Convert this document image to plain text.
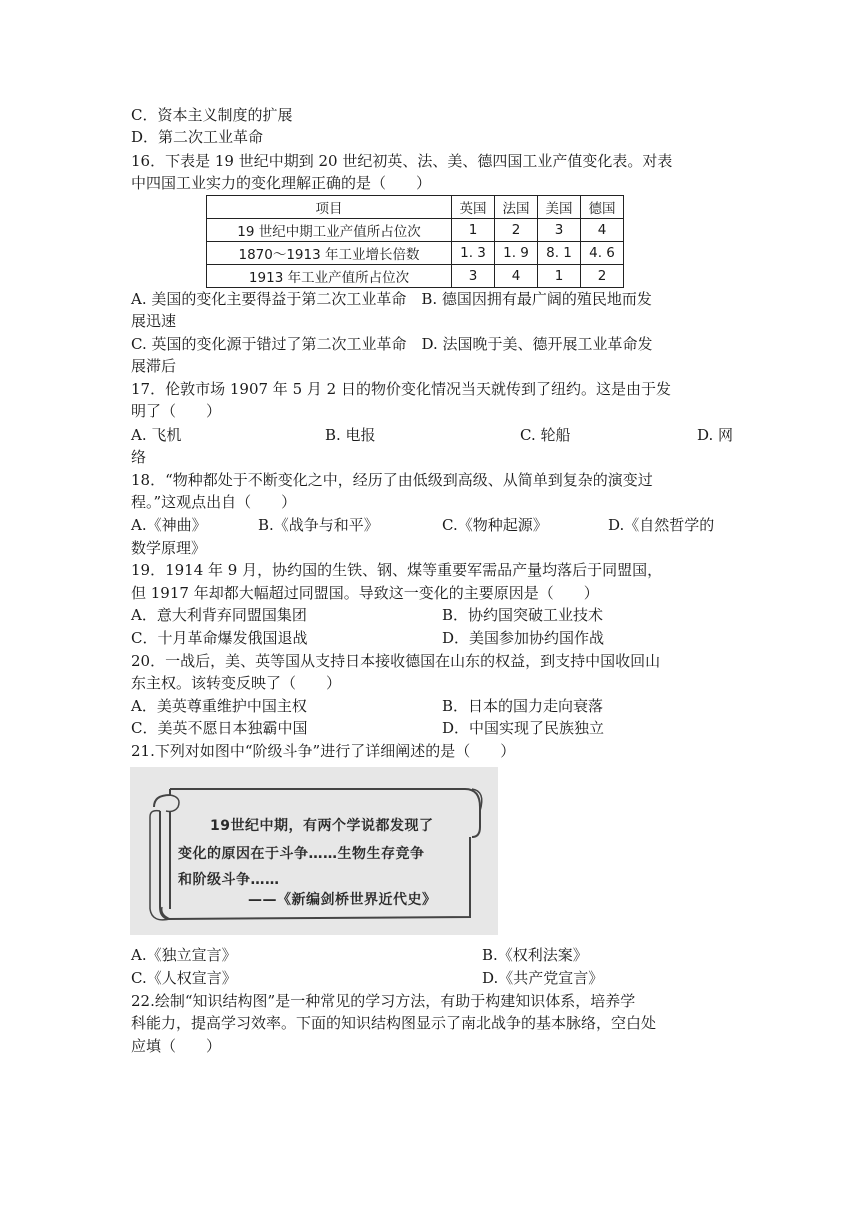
C．资本主义制度的扩展
D．第二次工业革命
16．下表是 19 世纪中期到 20 世纪初英、法、美、德四国工业产值变化表。对表
中四国工业实力的变化理解正确的是（　　）
项目	英国	法国	美国	德国
19 世纪中期工业产值所占位次	1	2	3	4
1870～1913 年工业增长倍数	1. 3	1. 9	8. 1	4. 6
1913 年工业产值所占位次	3	4	1	2
A. 美国的变化主要得益于第二次工业革命　B. 德国因拥有最广阔的殖民地而发
展迅速
C. 英国的变化源于错过了第二次工业革命　D. 法国晚于美、德开展工业革命发
展滞后
17．伦敦市场 1907 年 5 月 2 日的物价变化情况当天就传到了纽约。这是由于发
明了（　　）
A. 飞机	B. 电报	C. 轮船	D. 网
络
18．“物种都处于不断变化之中，经历了由低级到高级、从简单到复杂的演变过
程。”这观点出自（　　）
A.《神曲》	B.《战争与和平》	C.《物种起源》	D.《自然哲学的
数学原理》
19．1914 年 9 月，协约国的生铁、钢、煤等重要军需品产量均落后于同盟国，
但 1917 年却都大幅超过同盟国。导致这一变化的主要原因是（　　）
A．意大利背弃同盟国集团	B．协约国突破工业技术
C．十月革命爆发俄国退战	D．美国参加协约国作战
20．一战后，美、英等国从支持日本接收德国在山东的权益，到支持中国收回山
东主权。该转变反映了（　　）
A．美英尊重维护中国主权	B．日本的国力走向衰落
C．美英不愿日本独霸中国	D．中国实现了民族独立
21.下列对如图中“阶级斗争”进行了详细阐述的是（　　）
19世纪中期，有两个学说都发现了
变化的原因在于斗争……生物生存竞争
和阶级斗争……
——《新编剑桥世界近代史》
A.《独立宣言》	B.《权利法案》
C.《人权宣言》	D.《共产党宣言》
22.绘制“知识结构图”是一种常见的学习方法，有助于构建知识体系，培养学
科能力，提高学习效率。下面的知识结构图显示了南北战争的基本脉络，空白处
应填（　　）
